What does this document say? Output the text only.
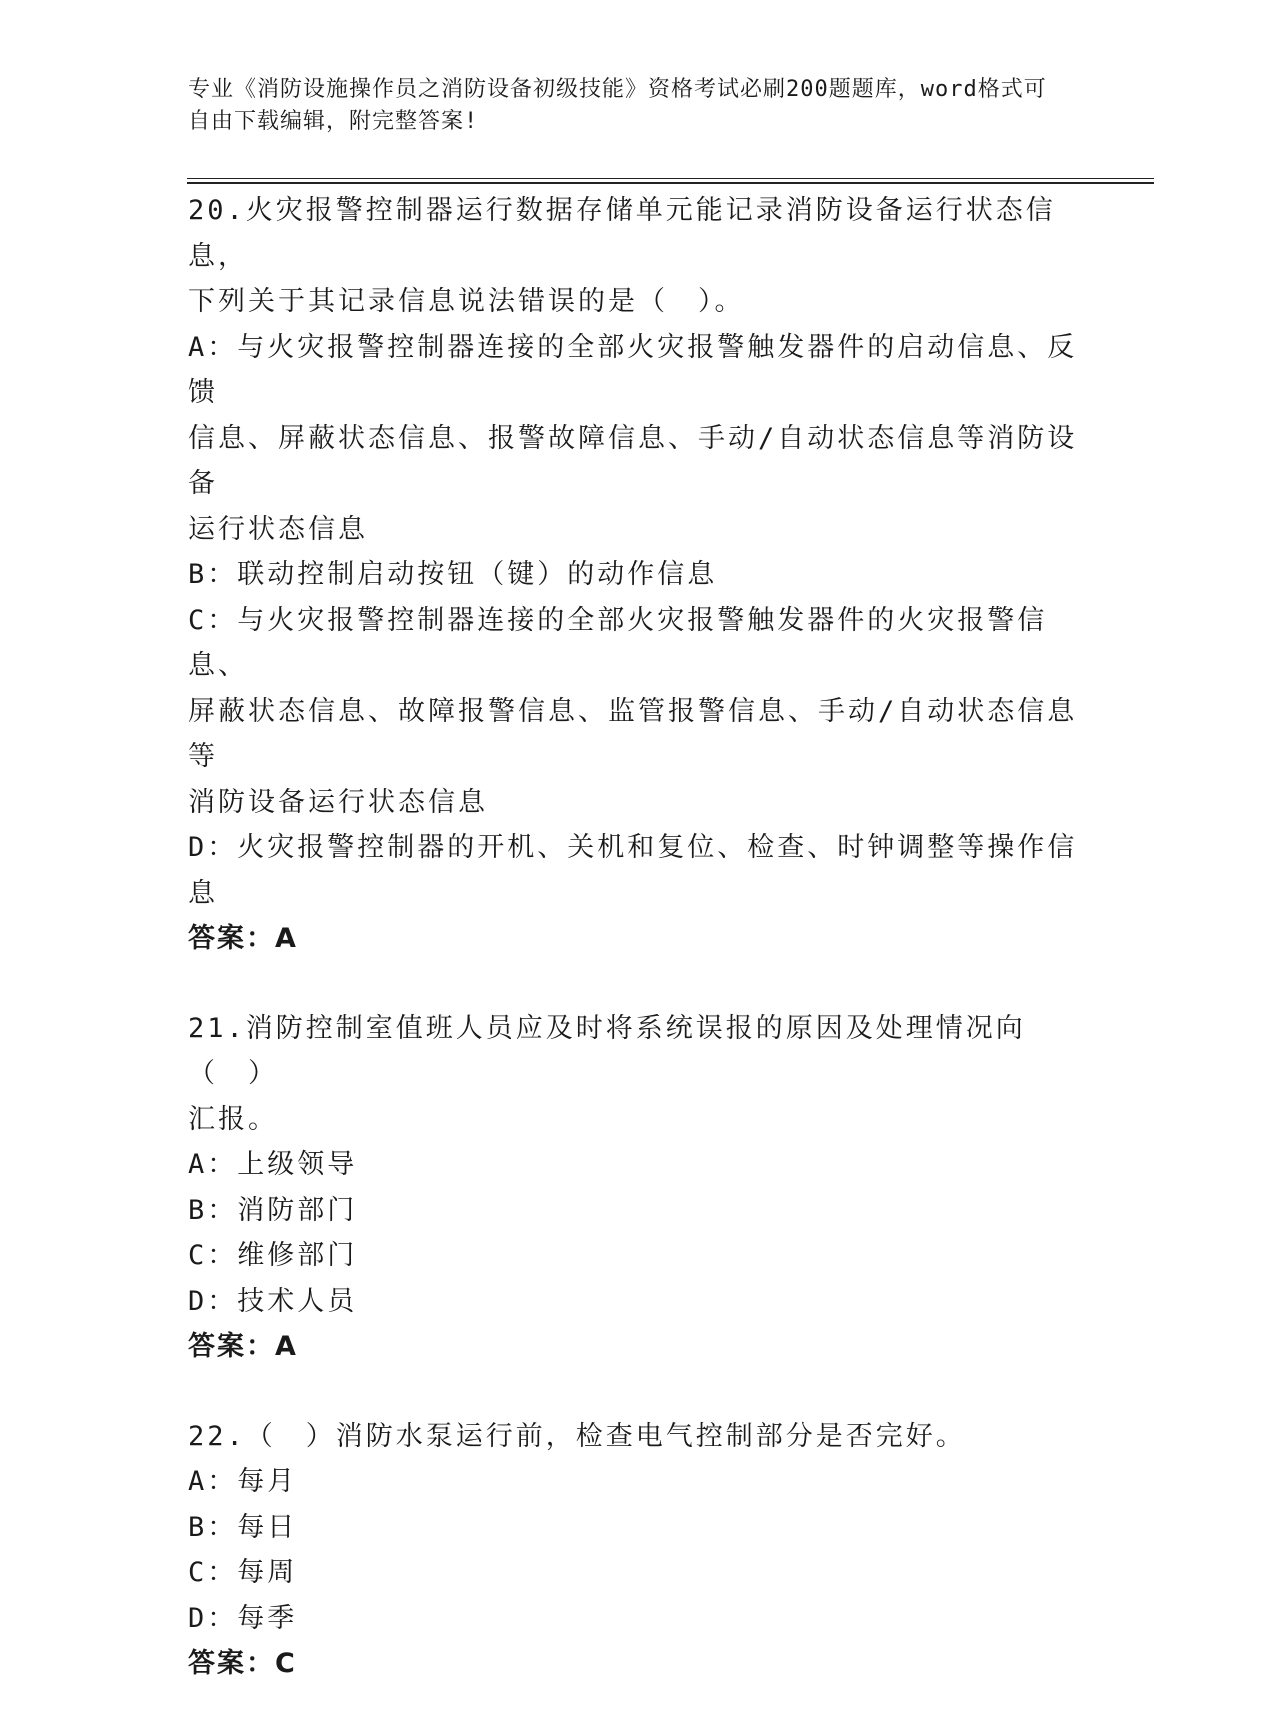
专业《消防设施操作员之消防设备初级技能》资格考试必刷200题题库，word格式可自由下载编辑，附完整答案!
20.火灾报警控制器运行数据存储单元能记录消防设备运行状态信息，
下列关于其记录信息说法错误的是（　）。
A：与火灾报警控制器连接的全部火灾报警触发器件的启动信息、反馈
信息、屏蔽状态信息、报警故障信息、手动/自动状态信息等消防设备
运行状态信息
B：联动控制启动按钮（键）的动作信息
C：与火灾报警控制器连接的全部火灾报警触发器件的火灾报警信息、
屏蔽状态信息、故障报警信息、监管报警信息、手动/自动状态信息等
消防设备运行状态信息
D：火灾报警控制器的开机、关机和复位、检查、时钟调整等操作信息
答案：A
21.消防控制室值班人员应及时将系统误报的原因及处理情况向（　）
汇报。
A：上级领导
B：消防部门
C：维修部门
D：技术人员
答案：A
22.（　）消防水泵运行前，检查电气控制部分是否完好。
A：每月
B：每日
C：每周
D：每季
答案：C
